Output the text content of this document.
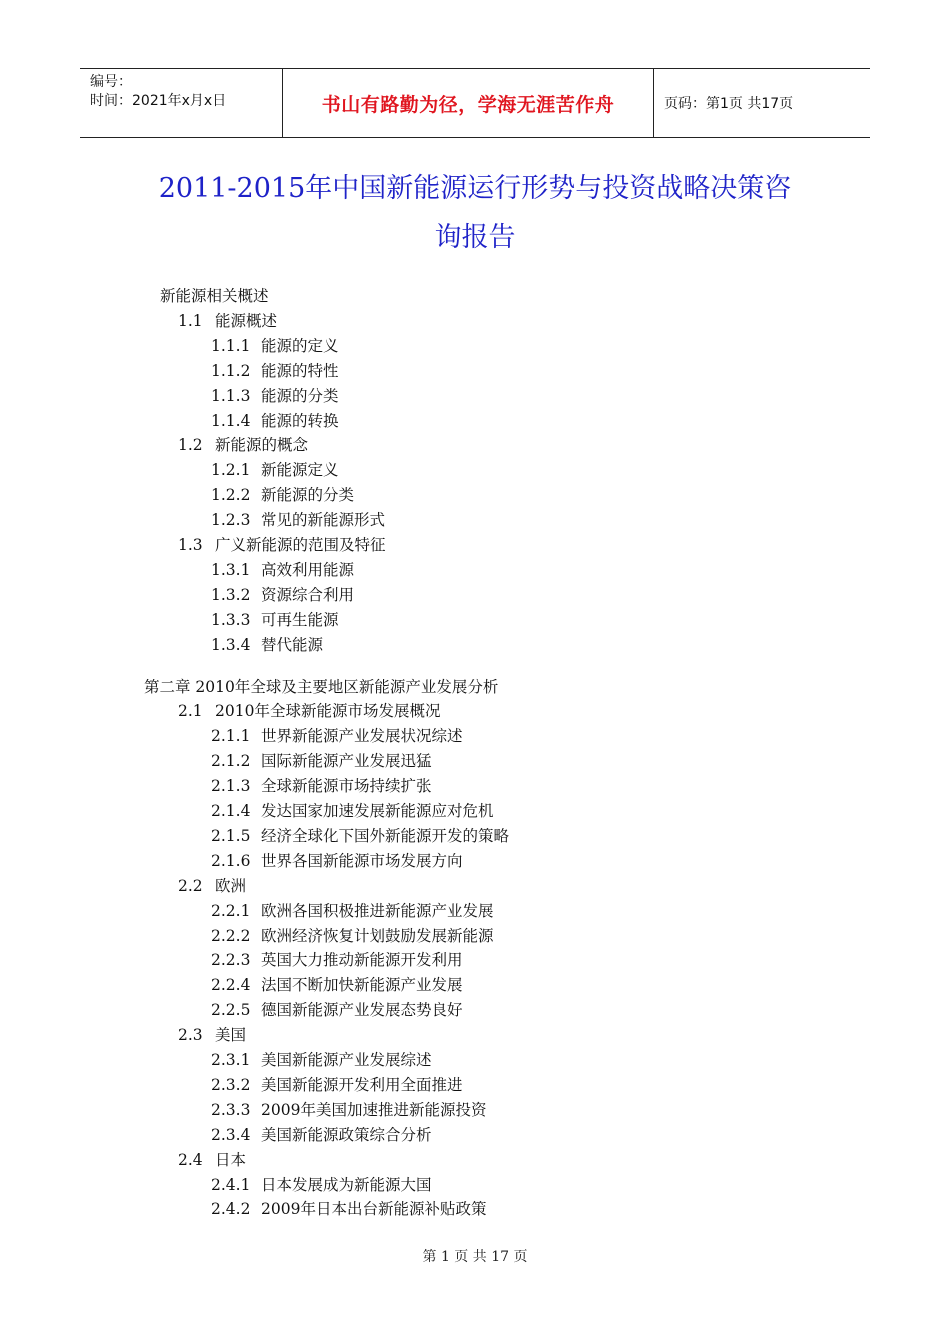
编号：
时间：2021年x月x日	书山有路勤为径，学海无涯苦作舟	页码：第1页 共17页
2011-2015年中国新能源运行形势与投资战略决策咨
询报告
新能源相关概述
1.1 能源概述
1.1.1 能源的定义
1.1.2 能源的特性
1.1.3 能源的分类
1.1.4 能源的转换
1.2 新能源的概念
1.2.1 新能源定义
1.2.2 新能源的分类
1.2.3 常见的新能源形式
1.3 广义新能源的范围及特征
1.3.1 高效利用能源
1.3.2 资源综合利用
1.3.3 可再生能源
1.3.4 替代能源
第二章 2010年全球及主要地区新能源产业发展分析
2.1 2010年全球新能源市场发展概况
2.1.1 世界新能源产业发展状况综述
2.1.2 国际新能源产业发展迅猛
2.1.3 全球新能源市场持续扩张
2.1.4 发达国家加速发展新能源应对危机
2.1.5 经济全球化下国外新能源开发的策略
2.1.6 世界各国新能源市场发展方向
2.2 欧洲
2.2.1 欧洲各国积极推进新能源产业发展
2.2.2 欧洲经济恢复计划鼓励发展新能源
2.2.3 英国大力推动新能源开发利用
2.2.4 法国不断加快新能源产业发展
2.2.5 德国新能源产业发展态势良好
2.3 美国
2.3.1 美国新能源产业发展综述
2.3.2 美国新能源开发利用全面推进
2.3.3 2009年美国加速推进新能源投资
2.3.4 美国新能源政策综合分析
2.4 日本
2.4.1 日本发展成为新能源大国
2.4.2 2009年日本出台新能源补贴政策
第 1 页 共 17 页
